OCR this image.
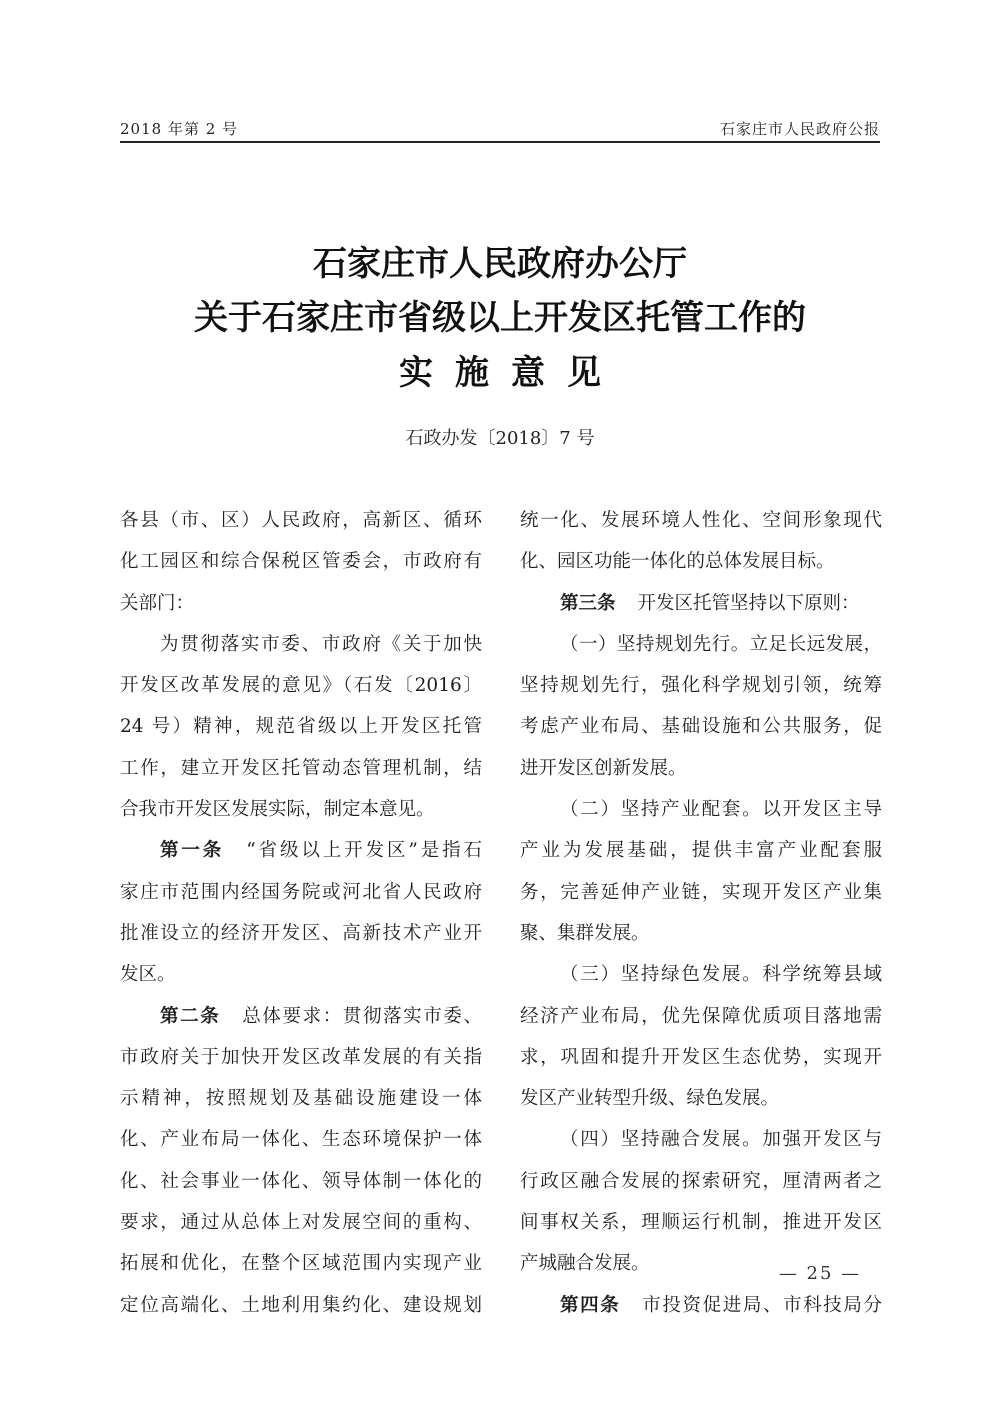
2018 年第 2 号	石家庄市人民政府公报
石家庄市人民政府办公厅
关于石家庄市省级以上开发区托管工作的
实施意见
石政办发〔2018〕7 号
各县（市、区）人民政府，高新区、循环
化工园区和综合保税区管委会，市政府有
关部门：
为贯彻落实市委、市政府《关于加快
开发区改革发展的意见》（石发〔2016〕
24 号）精神，规范省级以上开发区托管
工作，建立开发区托管动态管理机制，结
合我市开发区发展实际，制定本意见。
第一条 “省级以上开发区”是指石
家庄市范围内经国务院或河北省人民政府
批准设立的经济开发区、高新技术产业开
发区。
第二条 总体要求：贯彻落实市委、
市政府关于加快开发区改革发展的有关指
示精神，按照规划及基础设施建设一体
化、产业布局一体化、生态环境保护一体
化、社会事业一体化、领导体制一体化的
要求，通过从总体上对发展空间的重构、
拓展和优化，在整个区域范围内实现产业
定位高端化、土地利用集约化、建设规划
统一化、发展环境人性化、空间形象现代
化、园区功能一体化的总体发展目标。
第三条 开发区托管坚持以下原则：
（一）坚持规划先行。立足长远发展，
坚持规划先行，强化科学规划引领，统筹
考虑产业布局、基础设施和公共服务，促
进开发区创新发展。
（二）坚持产业配套。以开发区主导
产业为发展基础，提供丰富产业配套服
务，完善延伸产业链，实现开发区产业集
聚、集群发展。
（三）坚持绿色发展。科学统筹县域
经济产业布局，优先保障优质项目落地需
求，巩固和提升开发区生态优势，实现开
发区产业转型升级、绿色发展。
（四）坚持融合发展。加强开发区与
行政区融合发展的探索研究，厘清两者之
间事权关系，理顺运行机制，推进开发区
产城融合发展。
第四条 市投资促进局、市科技局分
— 25 —
